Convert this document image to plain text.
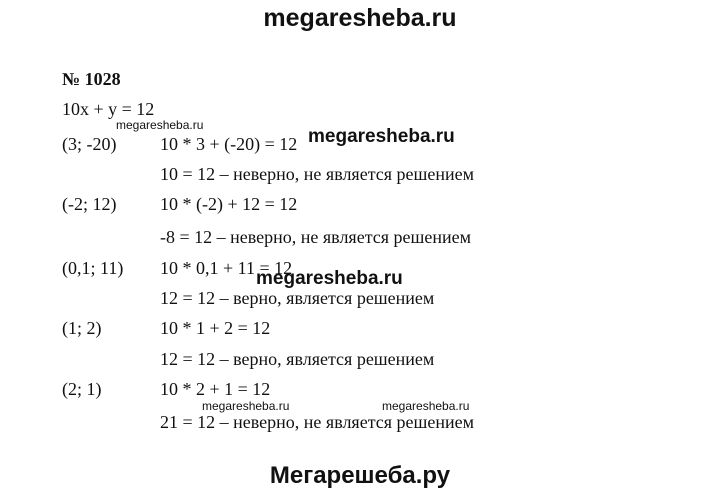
megaresheba.ru
№ 1028
10x + y = 12
(3; -20) 10 * 3 + (-20) = 12
10 = 12 – неверно, не является решением
(-2; 12) 10 * (-2) + 12 = 12
-8 = 12 – неверно, не является решением
(0,1; 11) 10 * 0,1 + 11 = 12
12 = 12 – верно, является решением
(1; 2)	10 * 1 + 2 = 12
12 = 12 – верно, является решением
(2; 1)	10 * 2 + 1 = 12
21 = 12 – неверно, не является решением
megaresheba.ru
megaresheba.ru
megaresheba.ru
megaresheba.ru	megaresheba.ru
Мегарешеба.ру
